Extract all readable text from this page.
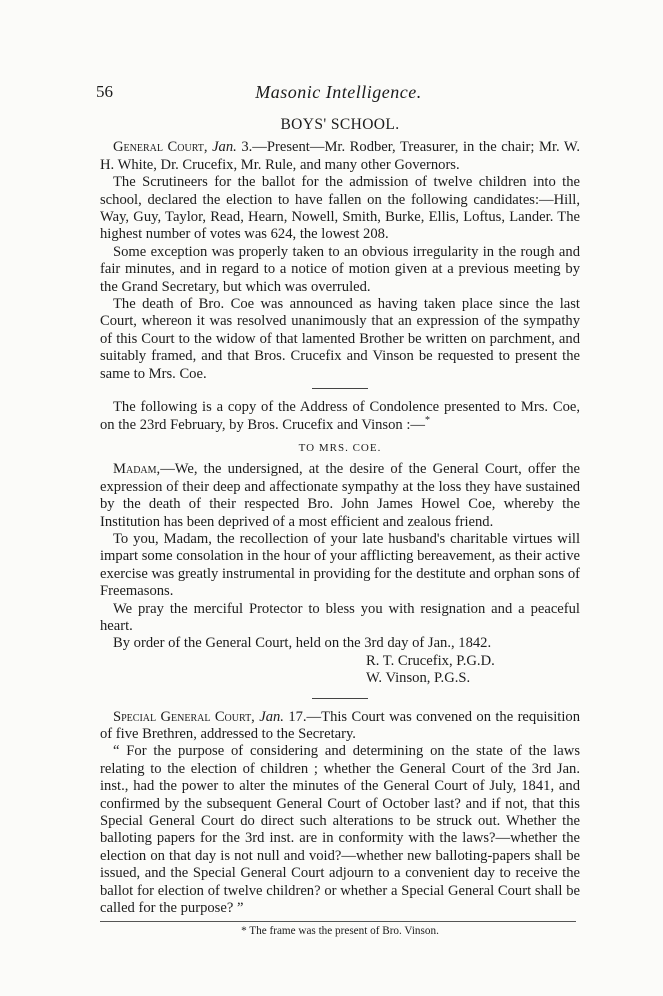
56	Masonic Intelligence.
BOYS' SCHOOL.

General Court, Jan. 3.—Present—Mr. Rodber, Treasurer, in the chair; Mr. W. H. White, Dr. Crucefix, Mr. Rule, and many other Governors.

The Scrutineers for the ballot for the admission of twelve children into the school, declared the election to have fallen on the following candidates:—Hill, Way, Guy, Taylor, Read, Hearn, Nowell, Smith, Burke, Ellis, Loftus, Lander. The highest number of votes was 624, the lowest 208.

Some exception was properly taken to an obvious irregularity in the rough and fair minutes, and in regard to a notice of motion given at a previous meeting by the Grand Secretary, but which was overruled.

The death of Bro. Coe was announced as having taken place since the last Court, whereon it was resolved unanimously that an expression of the sympathy of this Court to the widow of that lamented Brother be written on parchment, and suitably framed, and that Bros. Crucefix and Vinson be requested to present the same to Mrs. Coe.

The following is a copy of the Address of Condolence presented to Mrs. Coe, on the 23rd February, by Bros. Crucefix and Vinson :—*

TO MRS. COE.

Madam,—We, the undersigned, at the desire of the General Court, offer the expression of their deep and affectionate sympathy at the loss they have sustained by the death of their respected Bro. John James Howel Coe, whereby the Institution has been deprived of a most efficient and zealous friend.

To you, Madam, the recollection of your late husband's charitable virtues will impart some consolation in the hour of your afflicting bereavement, as their active exercise was greatly instrumental in providing for the destitute and orphan sons of Freemasons.

We pray the merciful Protector to bless you with resignation and a peaceful heart.

By order of the General Court, held on the 3rd day of Jan., 1842.

R. T. Crucefix, P.G.D.

W. Vinson, P.G.S.

Special General Court, Jan. 17.—This Court was convened on the requisition of five Brethren, addressed to the Secretary.

“ For the purpose of considering and determining on the state of the laws relating to the election of children ; whether the General Court of the 3rd Jan. inst., had the power to alter the minutes of the General Court of July, 1841, and confirmed by the subsequent General Court of October last? and if not, that this Special General Court do direct such alterations to be struck out. Whether the balloting papers for the 3rd inst. are in conformity with the laws?—whether the election on that day is not null and void?—whether new balloting-papers shall be issued, and the Special General Court adjourn to a convenient day to receive the ballot for election of twelve children? or whether a Special General Court shall be called for the purpose? ”

* The frame was the present of Bro. Vinson.
